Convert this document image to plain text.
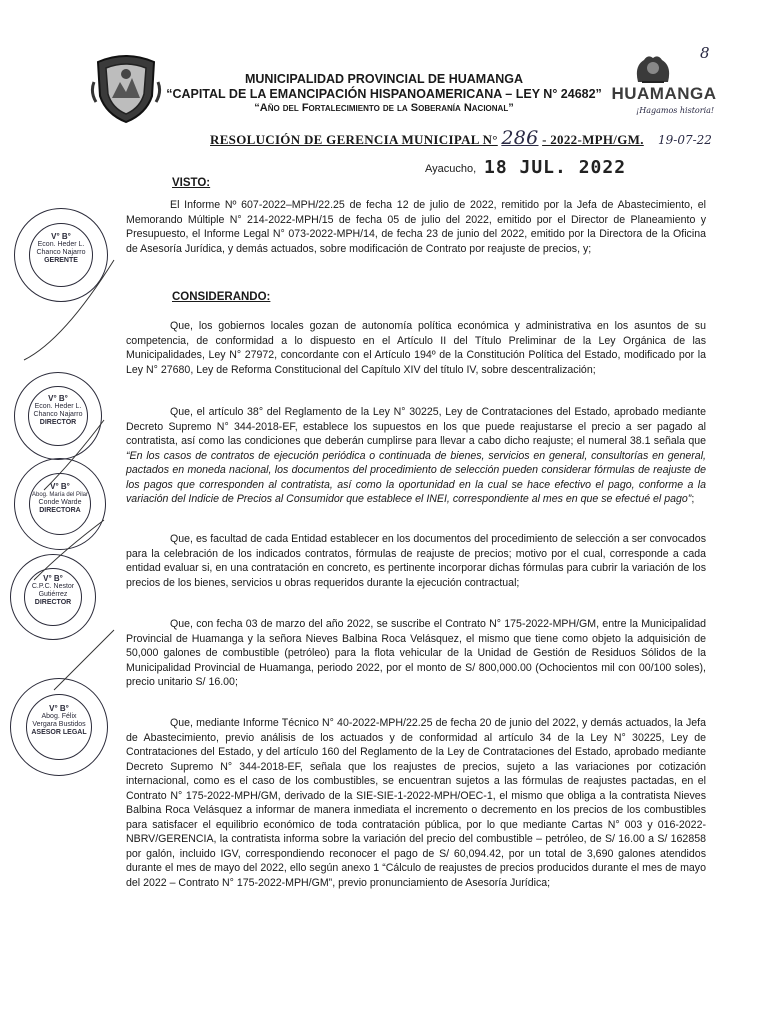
8
MUNICIPALIDAD PROVINCIAL DE HUAMANGA
“CAPITAL DE LA EMANCIPACIÓN HISPANOAMERICANA – LEY N° 24682”
“Año del Fortalecimiento de la Soberanía Nacional”
HUAMANGA
¡Hagamos historia!
RESOLUCIÓN DE GERENCIA MUNICIPAL N° 286 - 2022-MPH/GM.	19-07-22
Ayacucho, 18 JUL. 2022
VISTO:

El Informe Nº 607-2022–MPH/22.25 de fecha 12 de julio de 2022, remitido por la Jefa de Abastecimiento, el Memorando Múltiple N° 214-2022-MPH/15 de fecha 05 de julio del 2022, emitido por el Director de Planeamiento y Presupuesto, el Informe Legal N° 073-2022-MPH/14, de fecha 23 de junio del 2022, emitido por la Directora de la Oficina de Asesoría Jurídica, y demás actuados, sobre modificación de Contrato por reajuste de precios, y;

CONSIDERANDO:

Que, los gobiernos locales gozan de autonomía política económica y administrativa en los asuntos de su competencia, de conformidad a lo dispuesto en el Artículo II del Título Preliminar de la Ley Orgánica de las Municipalidades, Ley N° 27972, concordante con el Artículo 194º de la Constitución Política del Estado, modificado por la Ley N° 27680, Ley de Reforma Constitucional del Capítulo XIV del título IV, sobre descentralización;

Que, el artículo 38° del Reglamento de la Ley N° 30225, Ley de Contrataciones del Estado, aprobado mediante Decreto Supremo N° 344-2018-EF, establece los supuestos en los que puede reajustarse el precio a ser pagado al contratista, así como las condiciones que deberán cumplirse para llevar a cabo dicho reajuste; el numeral 38.1 señala que “En los casos de contratos de ejecución periódica o continuada de bienes, servicios en general, consultorías en general, pactados en moneda nacional, los documentos del procedimiento de selección pueden considerar fórmulas de reajuste de los pagos que corresponden al contratista, así como la oportunidad en la cual se hace efectivo el pago, conforme a la variación del Indicie de Precios al Consumidor que establece el INEI, correspondiente al mes en que se efectué el pago”;

Que, es facultad de cada Entidad establecer en los documentos del procedimiento de selección a ser convocados para la celebración de los indicados contratos, fórmulas de reajuste de precios; motivo por el cual, corresponde a cada entidad evaluar si, en una contratación en concreto, es pertinente incorporar dichas fórmulas para cubrir la variación de los precios de los bienes, servicios u obras requeridos durante la ejecución contractual;

Que, con fecha 03 de marzo del año 2022, se suscribe el Contrato N° 175-2022-MPH/GM, entre la Municipalidad Provincial de Huamanga y la señora Nieves Balbina Roca Velásquez, el mismo que tiene como objeto la adquisición de 50,000 galones de combustible (petróleo) para la flota vehicular de la Unidad de Gestión de Residuos Sólidos de la Municipalidad Provincial de Huamanga, periodo 2022, por el monto de S/ 800,000.00 (Ochocientos mil con 00/100 soles), precio unitario S/ 16.00;

Que, mediante Informe Técnico N° 40-2022-MPH/22.25 de fecha 20 de junio del 2022, y demás actuados, la Jefa de Abastecimiento, previo análisis de los actuados y de conformidad al artículo 34 de la Ley N° 30225, Ley de Contrataciones del Estado, y del artículo 160 del Reglamento de la Ley de Contrataciones del Estado, aprobado mediante Decreto Supremo N° 344-2018-EF, señala que los reajustes de precios, sujeto a las variaciones por cotización internacional, como es el caso de los combustibles, se encuentran sujetos a las fórmulas de reajustes pactadas, en el Contrato N° 175-2022-MPH/GM, derivado de la SIE-SIE-1-2022-MPH/OEC-1, el mismo que obliga a la contratista Nieves Balbina Roca Velásquez a informar de manera inmediata el incremento o decremento en los precios de los combustibles para satisfacer el equilibrio económico de toda contratación pública, por lo que mediante Cartas N° 003 y 016-2022-NBRV/GERENCIA, la contratista informa sobre la variación del precio del combustible – petróleo, de S/ 16.00 a S/ 162858 por galón, incluido IGV, correspondiendo reconocer el pago de S/ 60,094.42, por un total de 3,690 galones atendidos durante el mes de mayo del 2022, ello según anexo 1 “Cálculo de reajustes de precios producidos durante el mes de mayo del 2022 – Contrato N° 175-2022-MPH/GM”, previo pronunciamiento de Asesoría Jurídica;

V° B°
Econ. Heder L.
Chanco Najarro
GERENTE
V° B°
Econ. Heder L.
Chanco Najarro
DIRECTOR
V° B°
Abog. María del Pilar
Conde Warde
DIRECTORA
V° B°
C.P.C. Nestor
Gutiérrez
DIRECTOR
V° B°
Abog. Félix
Vergara Bustidos
ASESOR LEGAL
